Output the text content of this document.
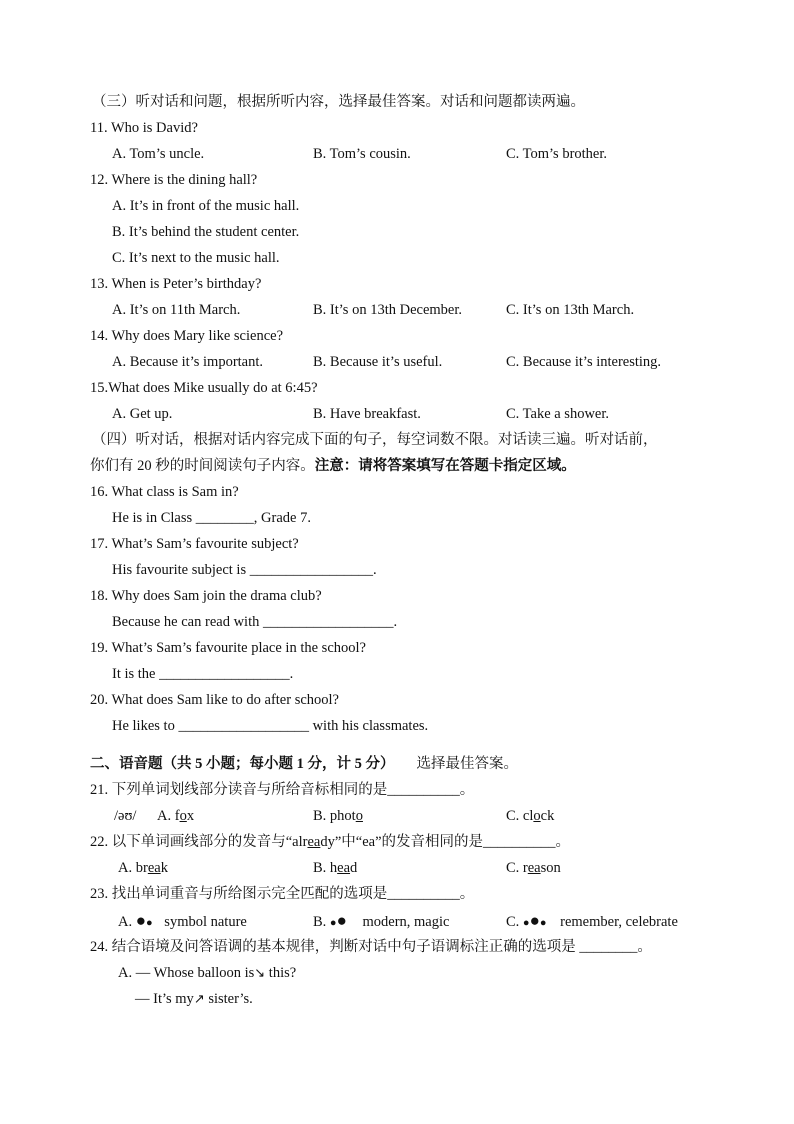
（三）听对话和问题，根据所听内容，选择最佳答案。对话和问题都读两遍。
11. Who is David?
A. Tom’s uncle.	B. Tom’s cousin.	C. Tom’s brother.
12. Where is the dining hall?
A. It’s in front of the music hall.
B. It’s behind the student center.
C. It’s next to the music hall.
13. When is Peter’s birthday?
A. It’s on 11th March.	B. It’s on 13th December.	C. It’s on 13th March.
14. Why does Mary like science?
A. Because it’s important.	B. Because it’s useful.	C. Because it’s interesting.
15.What does Mike usually do at 6:45?
A. Get up.	B. Have breakfast.	C. Take a shower.
（四）听对话，根据对话内容完成下面的句子，每空词数不限。对话读三遍。听对话前，
你们有 20 秒的时间阅读句子内容。注意：请将答案填写在答题卡指定区域。
16. What class is Sam in?
He is in Class ________, Grade 7.
17. What’s Sam’s favourite subject?
His favourite subject is _________________.
18. Why does Sam join the drama club?
Because he can read with __________________.
19. What’s Sam’s favourite place in the school?
It is the __________________.
20. What does Sam like to do after school?
He likes to __________________ with his classmates.
二、语音题（共 5 小题；每小题 1 分，计 5 分） 选择最佳答案。
21. 下列单词划线部分读音与所给音标相同的是__________。
/əʊ/ A. fox	B. photo	C. clock
22. 以下单词画线部分的发音与“already”中“ea”的发音相同的是__________。
A. break	B. head	C. reason
23. 找出单词重音与所给图示完全匹配的选项是__________。
A. ●● symbol nature	B. ●● modern, magic	C. ●●● remember, celebrate
24. 结合语境及问答语调的基本规律，判断对话中句子语调标注正确的选项是 ________。
A. — Whose balloon is↘ this?
— It’s my↗ sister’s.
